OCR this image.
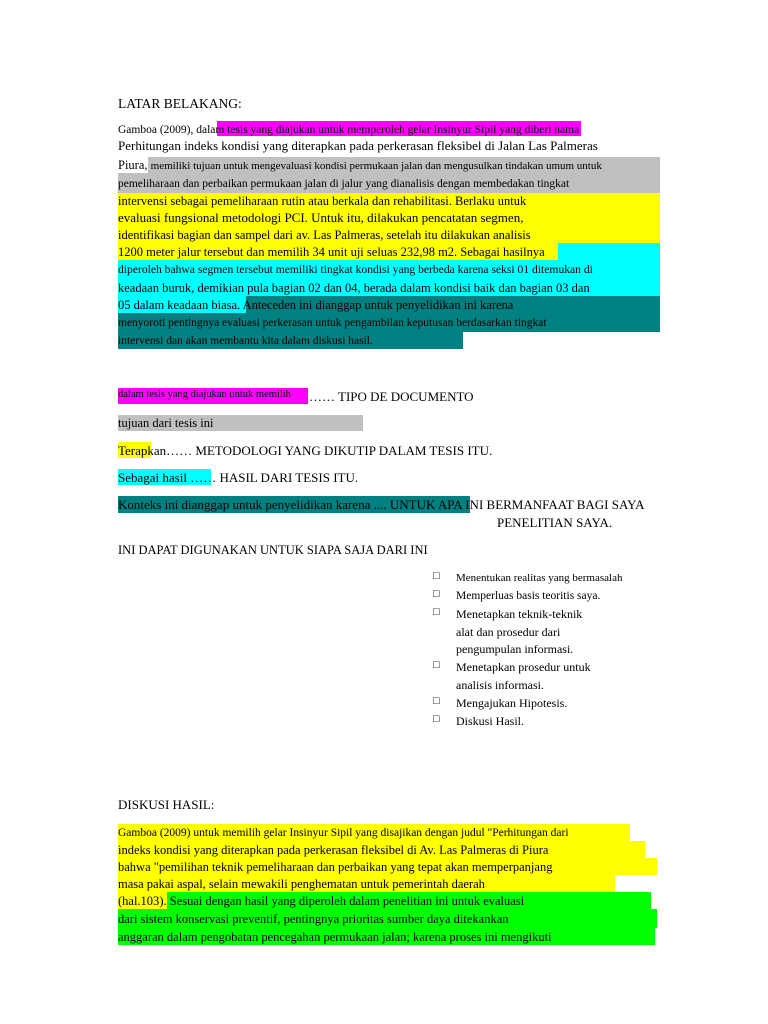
LATAR BELAKANG:
Gamboa (2009), dalam tesis yang diajukan untuk memperoleh gelar Insinyur Sipil yang diberi nama
Perhitungan indeks kondisi yang diterapkan pada perkerasan fleksibel di Jalan Las Palmeras
Piura, memiliki tujuan untuk mengevaluasi kondisi permukaan jalan dan mengusulkan tindakan umum untuk
pemeliharaan dan perbaikan permukaan jalan di jalur yang dianalisis dengan membedakan tingkat
intervensi sebagai pemeliharaan rutin atau berkala dan rehabilitasi. Berlaku untuk
evaluasi fungsional metodologi PCI. Untuk itu, dilakukan pencatatan segmen,
identifikasi bagian dan sampel dari av. Las Palmeras, setelah itu dilakukan analisis
1200 meter jalur tersebut dan memilih 34 unit uji seluas 232,98 m2. Sebagai hasilnya
diperoleh bahwa segmen tersebut memiliki tingkat kondisi yang berbeda karena seksi 01 ditemukan di
keadaan buruk, demikian pula bagian 02 dan 04, berada dalam kondisi baik dan bagian 03 dan
05 dalam keadaan biasa. Anteceden ini dianggap untuk penyelidikan ini karena
menyoroti pentingnya evaluasi perkerasan untuk pengambilan keputusan berdasarkan tingkat
intervensi dan akan membantu kita dalam diskusi hasil.
dalam tesis yang diajukan untuk memilih …… TIPO DE DOCUMENTO
tujuan dari tesis ini
Terapkan…… METODOLOGI YANG DIKUTIP DALAM TESIS ITU.
Sebagai hasil …… HASIL DARI TESIS ITU.
Konteks ini dianggap untuk penyelidikan karena .... UNTUK APA INI BERMANFAAT BAGI SAYA
PENELITIAN SAYA.
INI DAPAT DIGUNAKAN UNTUK SIAPA SAJA DARI INI
□ Menentukan realitas yang bermasalah
□ Memperluas basis teoritis saya.
□ Menetapkan teknik-teknik
alat dan prosedur dari
pengumpulan informasi.
□ Menetapkan prosedur untuk
analisis informasi.
□ Mengajukan Hipotesis.
□ Diskusi Hasil.
DISKUSI HASIL:
Gamboa (2009) untuk memilih gelar Insinyur Sipil yang disajikan dengan judul "Perhitungan dari
indeks kondisi yang diterapkan pada perkerasan fleksibel di Av. Las Palmeras di Piura
bahwa "pemilihan teknik pemeliharaan dan perbaikan yang tepat akan memperpanjang
masa pakai aspal, selain mewakili penghematan untuk pemerintah daerah
(hal.103). Sesuai dengan hasil yang diperoleh dalam penelitian ini untuk evaluasi
dari sistem konservasi preventif, pentingnya prioritas sumber daya ditekankan
anggaran dalam pengobatan pencegahan permukaan jalan; karena proses ini mengikuti
